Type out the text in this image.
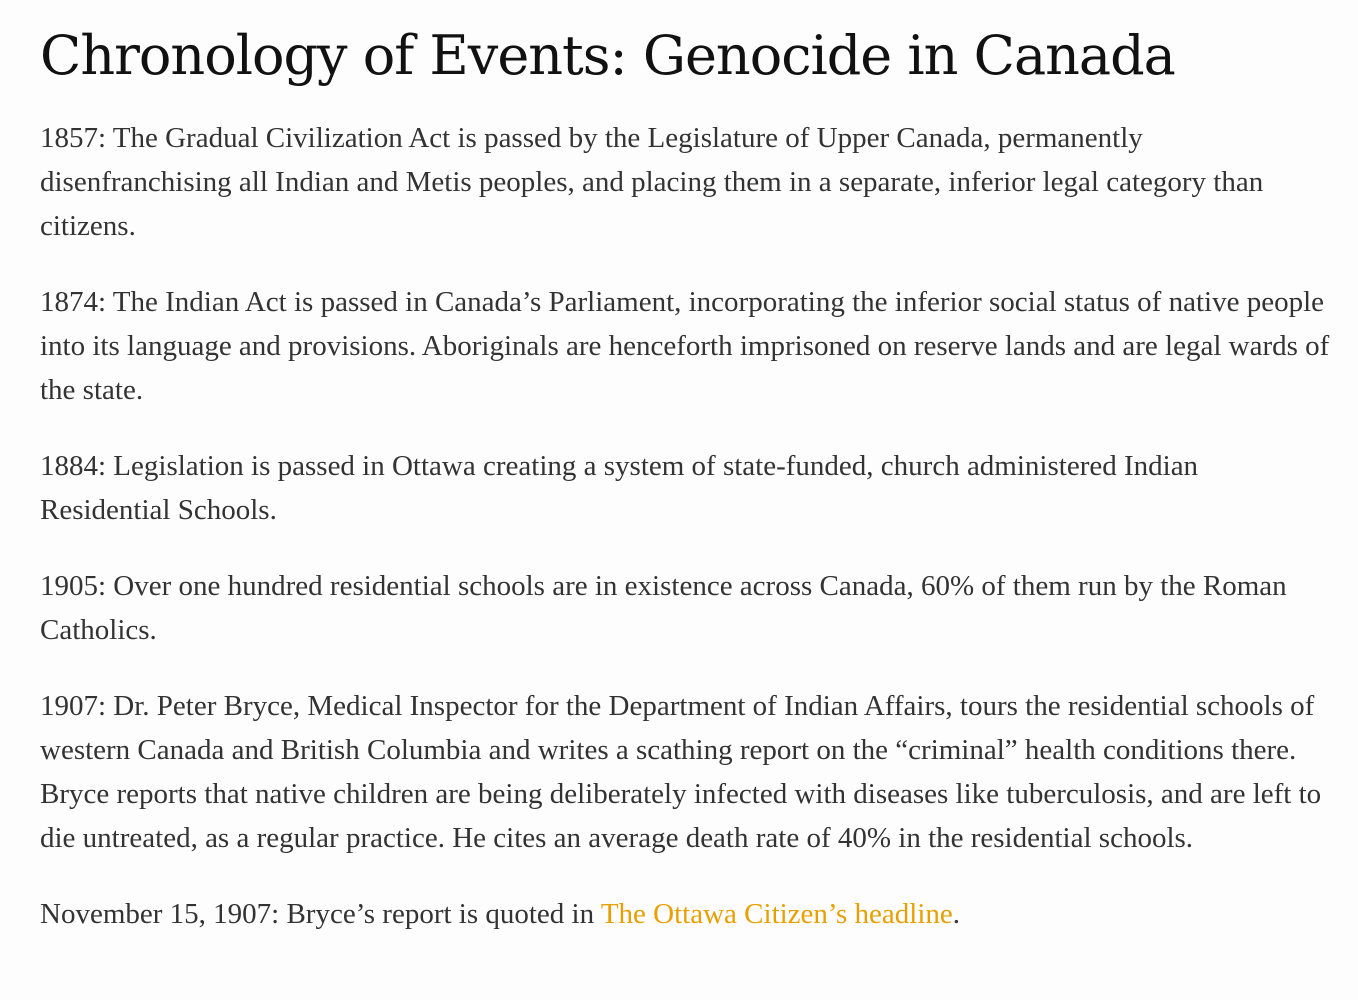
Chronology of Events: Genocide in Canada

1857: The Gradual Civilization Act is passed by the Legislature of Upper Canada, permanently disenfranchising all Indian and Metis peoples, and placing them in a separate, inferior legal category than citizens.

1874: The Indian Act is passed in Canada’s Parliament, incorporating the inferior social status of native people into its language and provisions. Aboriginals are henceforth imprisoned on reserve lands and are legal wards of the state.

1884: Legislation is passed in Ottawa creating a system of state-funded, church administered Indian Residential Schools.

1905: Over one hundred residential schools are in existence across Canada, 60% of them run by the Roman Catholics.

1907: Dr. Peter Bryce, Medical Inspector for the Department of Indian Affairs, tours the residential schools of western Canada and British Columbia and writes a scathing report on the “criminal” health conditions there. Bryce reports that native children are being deliberately infected with diseases like tuberculosis, and are left to die untreated, as a regular practice. He cites an average death rate of 40% in the residential schools.

November 15, 1907: Bryce’s report is quoted in The Ottawa Citizen’s headline.
